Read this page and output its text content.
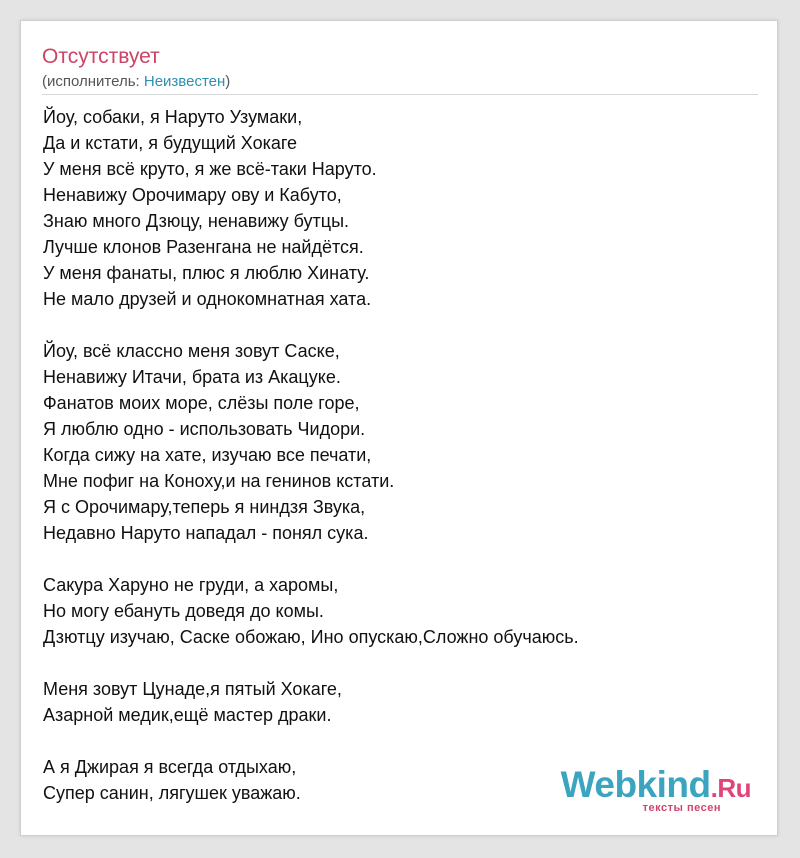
Отсутствует
(исполнитель: Неизвестен)
Йоу, собаки, я Наруто Узумаки,
Да и кстати, я будущий Хокаге
У меня всё круто, я же всё-таки Наруто.
Ненавижу Орочимару ову и Кабуто,
Знаю много Дзюцу, ненавижу бутцы.
Лучше клонов Разенгана не найдётся.
У меня фанаты, плюс я люблю Хинату.
Не мало друзей и однокомнатная хата.
Йоу, всё классно меня зовут Саске,
Ненавижу Итачи, брата из Акацуке.
Фанатов моих море, слёзы поле горе,
Я люблю одно - использовать Чидори.
Когда сижу на хате, изучаю все печати,
Мне пофиг на Коноху,и на генинов кстати.
Я с Орочимару,теперь я ниндзя Звука,
Недавно Наруто нападал - понял сука.
Сакура Харуно не груди, а харомы,
Но могу ебануть доведя до комы.
Дзютцу изучаю, Саске обожаю, Ино опускаю,Сложно обучаюсь.
Меня зовут Цунаде,я пятый Хокаге,
Азарной медик,ещё мастер драки.
А я Джирая я всегда отдыхаю,
Супер санин, лягушек уважаю.	Webkind.Ru
тексты песен
